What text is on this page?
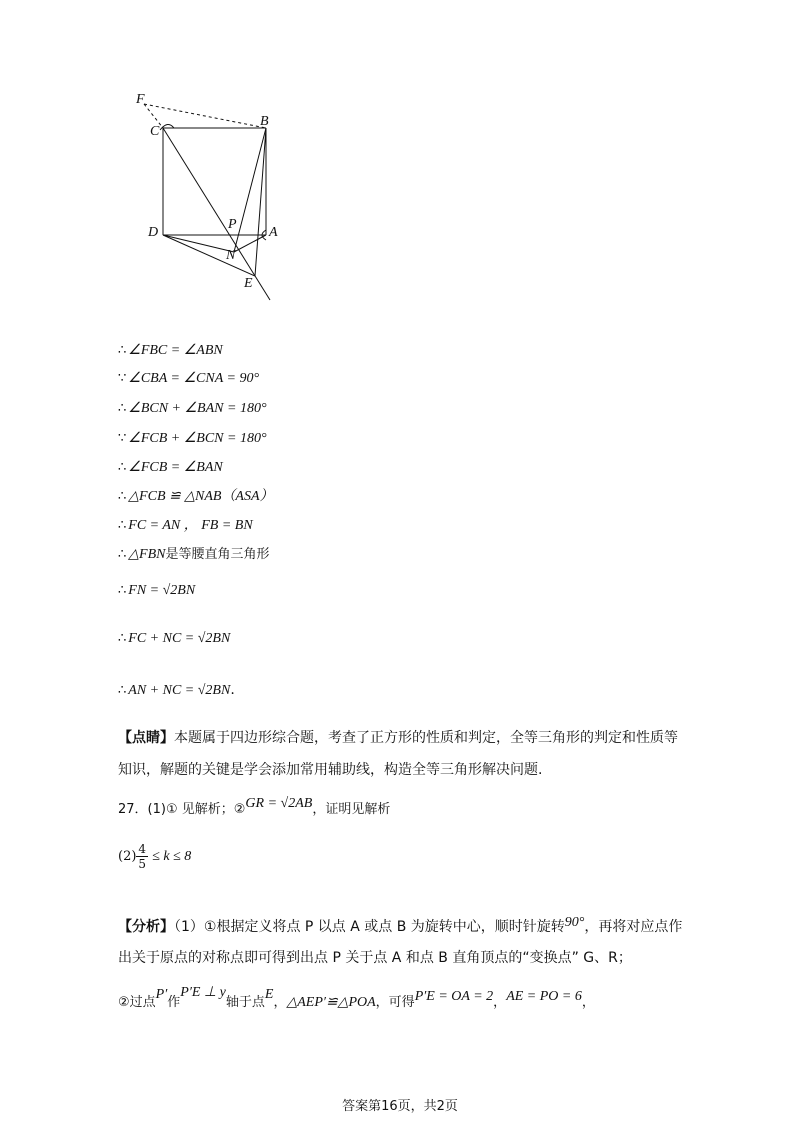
F
C
B
D
P
A
N
E
∴ ∠FBC = ∠ABN
∵ ∠CBA = ∠CNA = 90°
∴ ∠BCN + ∠BAN = 180°
∵ ∠FCB + ∠BCN = 180°
∴ ∠FCB = ∠BAN
∴ △FCB ≌ △NAB（ASA）
∴ FC = AN ， FB = BN
∴ △FBN是等腰直角三角形
∴ FN = √2BN
∴ FC + NC = √2BN
∴ AN + NC = √2BN.
【点睛】本题属于四边形综合题，考查了正方形的性质和判定，全等三角形的判定和性质等知识，解题的关键是学会添加常用辅助线，构造全等三角形解决问题.
27．(1)① 见解析；②GR = √2AB，证明见解析
$(2) \frac{4}{5} \le k \le 8$
【分析】（1）①根据定义将点 P 以点 A 或点 B 为旋转中心，顺时针旋转90°，再将对应点作出关于原点的对称点即可得到出点 P 关于点 A 和点 B 直角顶点的“变换点” G、R；
②过点P′作P′E ⊥ y轴于点E，△AEP′≌△POA，可得P′E = OA = 2，AE = PO = 6，
答案第16页，共2页
